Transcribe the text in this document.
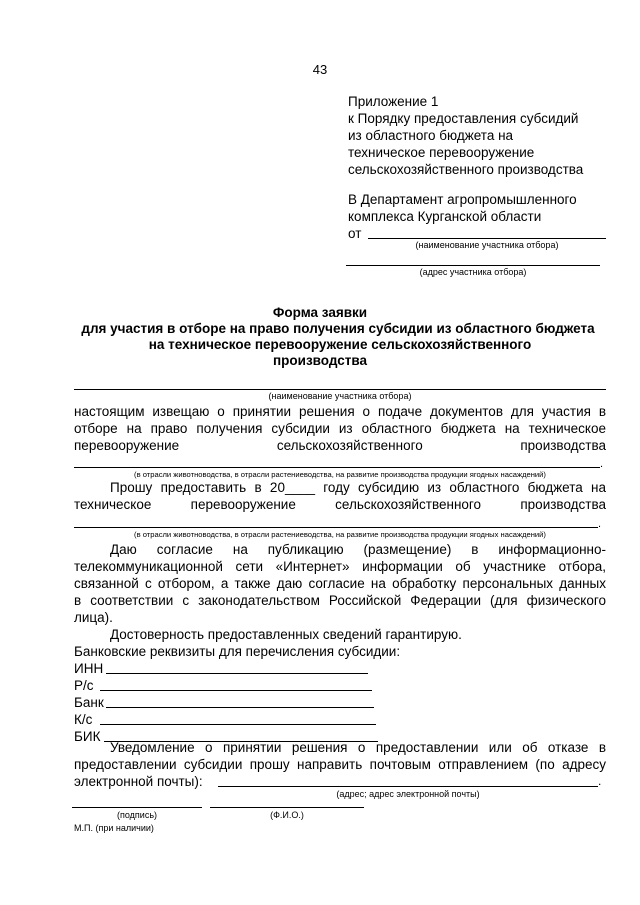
43
Приложение 1
к Порядку предоставления субсидий
из областного бюджета на
техническое перевооружение
сельскохозяйственного производства
В Департамент агропромышленного
комплекса Курганской области
от
(наименование участника отбора)
(адрес участника отбора)
Форма заявки
для участия в отборе на право получения субсидии из областного бюджета
на техническое перевооружение сельскохозяйственного
производства
(наименование участника отбора)
настоящим извещаю о принятии решения о подаче документов для участия в
отборе на право получения субсидии из областного бюджета на техническое
перевооружение сельскохозяйственного производства
.
(в отрасли животноводства, в отрасли растениеводства, на развитие производства продукции ягодных насаждений)
Прошу предоставить в 20____ году субсидию из областного бюджета на
техническое перевооружение сельскохозяйственного производства
.
(в отрасли животноводства, в отрасли растениеводства, на развитие производства продукции ягодных насаждений)
Даю согласие на публикацию (размещение) в информационно-
телекоммуникационной сети «Интернет» информации об участнике отбора,
связанной с отбором, а также даю согласие на обработку персональных данных
в соответствии с законодательством Российской Федерации (для физического
лица).
Достоверность предоставленных сведений гарантирую.
Банковские реквизиты для перечисления субсидии:
ИНН
Р/с
Банк
К/с
БИК
Уведомление о принятии решения о предоставлении или об отказе в
предоставлении субсидии прошу направить почтовым отправлением (по адресу
электронной почты):	.
(адрес; адрес электронной почты)
(подпись)	(Ф.И.О.)
М.П. (при наличии)
